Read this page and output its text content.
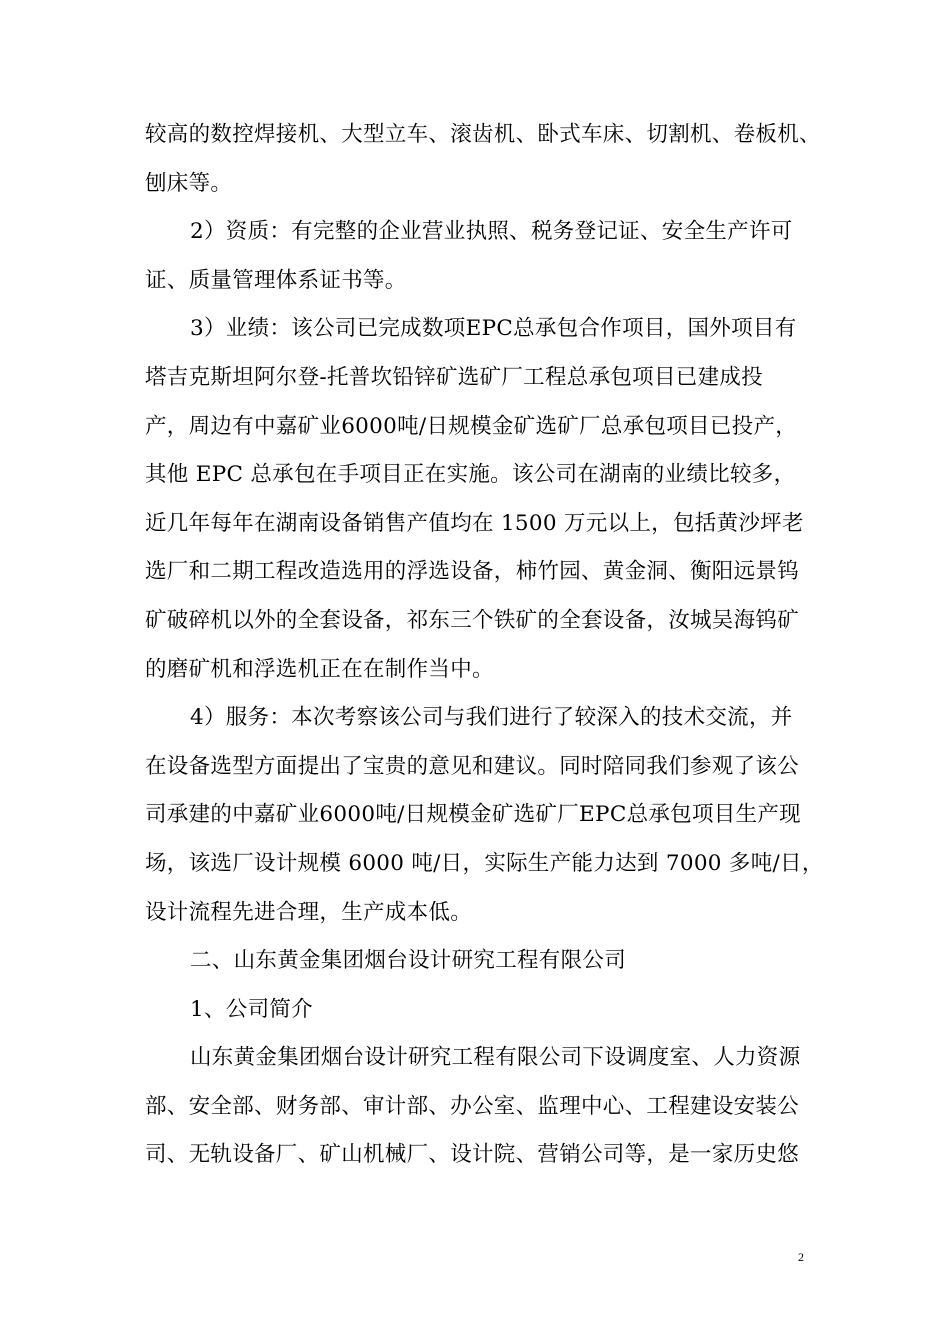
较高的数控焊接机、大型立车、滚齿机、卧式车床、切割机、卷板机、
刨床等。
2）资质：有完整的企业营业执照、税务登记证、安全生产许可
证、质量管理体系证书等。
3）业绩：该公司已完成数项EPC总承包合作项目，国外项目有
塔吉克斯坦阿尔登-托普坎铅锌矿选矿厂工程总承包项目已建成投
产，周边有中嘉矿业6000吨/日规模金矿选矿厂总承包项目已投产，
其他 EPC 总承包在手项目正在实施。该公司在湖南的业绩比较多，
近几年每年在湖南设备销售产值均在 1500 万元以上，包括黄沙坪老
选厂和二期工程改造选用的浮选设备，柿竹园、黄金洞、衡阳远景钨
矿破碎机以外的全套设备，祁东三个铁矿的全套设备，汝城吴海钨矿
的磨矿机和浮选机正在在制作当中。
4）服务：本次考察该公司与我们进行了较深入的技术交流，并
在设备选型方面提出了宝贵的意见和建议。同时陪同我们参观了该公
司承建的中嘉矿业6000吨/日规模金矿选矿厂EPC总承包项目生产现
场，该选厂设计规模 6000 吨/日，实际生产能力达到 7000 多吨/日，
设计流程先进合理，生产成本低。
二、山东黄金集团烟台设计研究工程有限公司
1、公司简介
山东黄金集团烟台设计研究工程有限公司下设调度室、人力资源
部、安全部、财务部、审计部、办公室、监理中心、工程建设安装公
司、无轨设备厂、矿山机械厂、设计院、营销公司等，是一家历史悠
2
